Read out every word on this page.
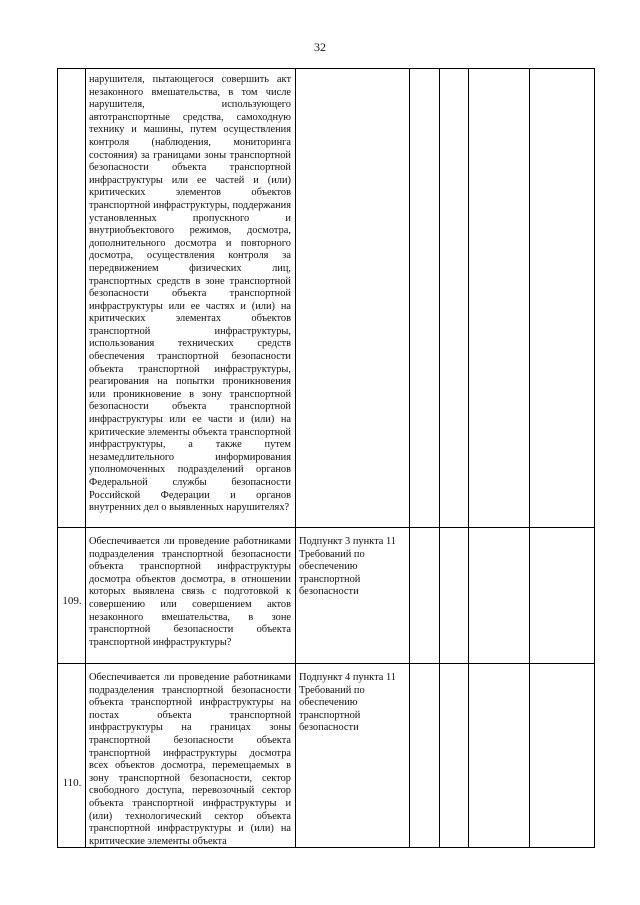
32
нарушителя, пытающегося совершить акт незаконного вмешательства, в том числе нарушителя, использующего автотранспортные средства, самоходную технику и машины, путем осуществления контроля (наблюдения, мониторинга состояния) за границами зоны транспортной безопасности объекта транспортной инфраструктуры или ее частей и (или) критических элементов объектов транспортной инфраструктуры, поддержания установленных пропускного и внутриобъектового режимов, досмотра, дополнительного досмотра и повторного досмотра, осуществления контроля за передвижением физических лиц, транспортных средств в зоне транспортной безопасности объекта транспортной инфраструктуры или ее частях и (или) на критических элементах объектов транспортной инфраструктуры, использования технических средств обеспечения транспортной безопасности объекта транспортной инфраструктуры, реагирования на попытки проникновения или проникновение в зону транспортной безопасности объекта транспортной инфраструктуры или ее части и (или) на критические элементы объекта транспортной инфраструктуры, а также путем незамедлительного информирования уполномоченных подразделений органов Федеральной службы безопасности Российской Федерации и органов внутренних дел о выявленных нарушителях?
109.
Обеспечивается ли проведение работниками подразделения транспортной безопасности объекта транспортной инфраструктуры досмотра объектов досмотра, в отношении которых выявлена связь с подготовкой к совершению или совершением актов незаконного вмешательства, в зоне транспортной безопасности объекта транспортной инфраструктуры?
Подпункт 3 пункта 11 Требований по обеспечению транспортной безопасности
110.
Обеспечивается ли проведение работниками подразделения транспортной безопасности объекта транспортной инфраструктуры на постах объекта транспортной инфраструктуры на границах зоны транспортной безопасности объекта транспортной инфраструктуры досмотра всех объектов досмотра, перемещаемых в зону транспортной безопасности, сектор свободного доступа, перевозочный сектор объекта транспортной инфраструктуры и (или) технологический сектор объекта транспортной инфраструктуры и (или) на критические элементы объекта
Подпункт 4 пункта 11 Требований по обеспечению транспортной безопасности
